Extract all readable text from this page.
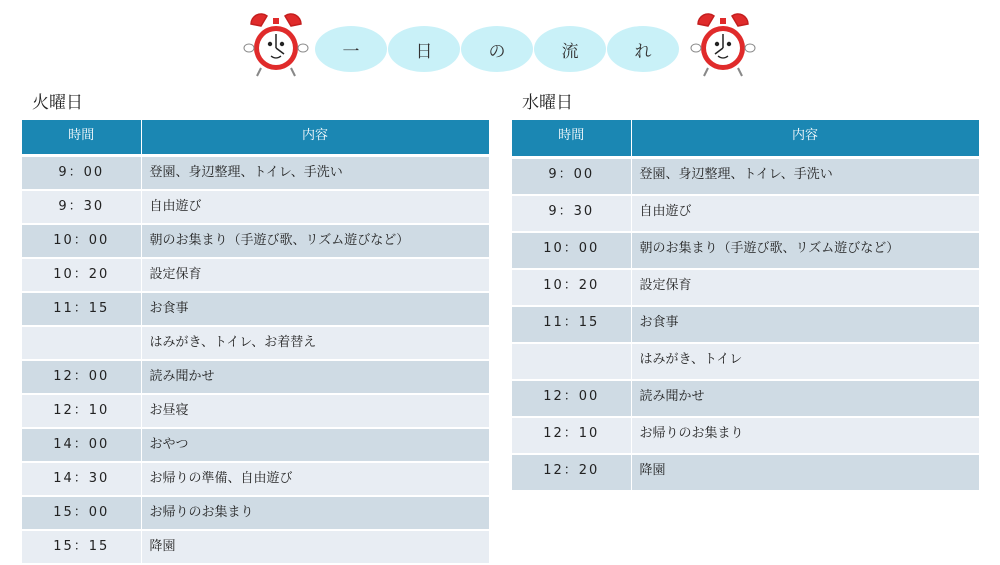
一	日	の	流	れ
火曜日	水曜日
時間	内容
9：00	登園、身辺整理、トイレ、手洗い
9：30	自由遊び
10：00	朝のお集まり（手遊び歌、リズム遊びなど）
10：20	設定保育
11：15	お食事
	はみがき、トイレ、お着替え
12：00	読み聞かせ
12：10	お昼寝
14：00	おやつ
14：30	お帰りの準備、自由遊び
15：00	お帰りのお集まり
15：15	降園
時間	内容
9：00	登園、身辺整理、トイレ、手洗い
9：30	自由遊び
10：00	朝のお集まり（手遊び歌、リズム遊びなど）
10：20	設定保育
11：15	お食事
	はみがき、トイレ
12：00	読み聞かせ
12：10	お帰りのお集まり
12：20	降園
